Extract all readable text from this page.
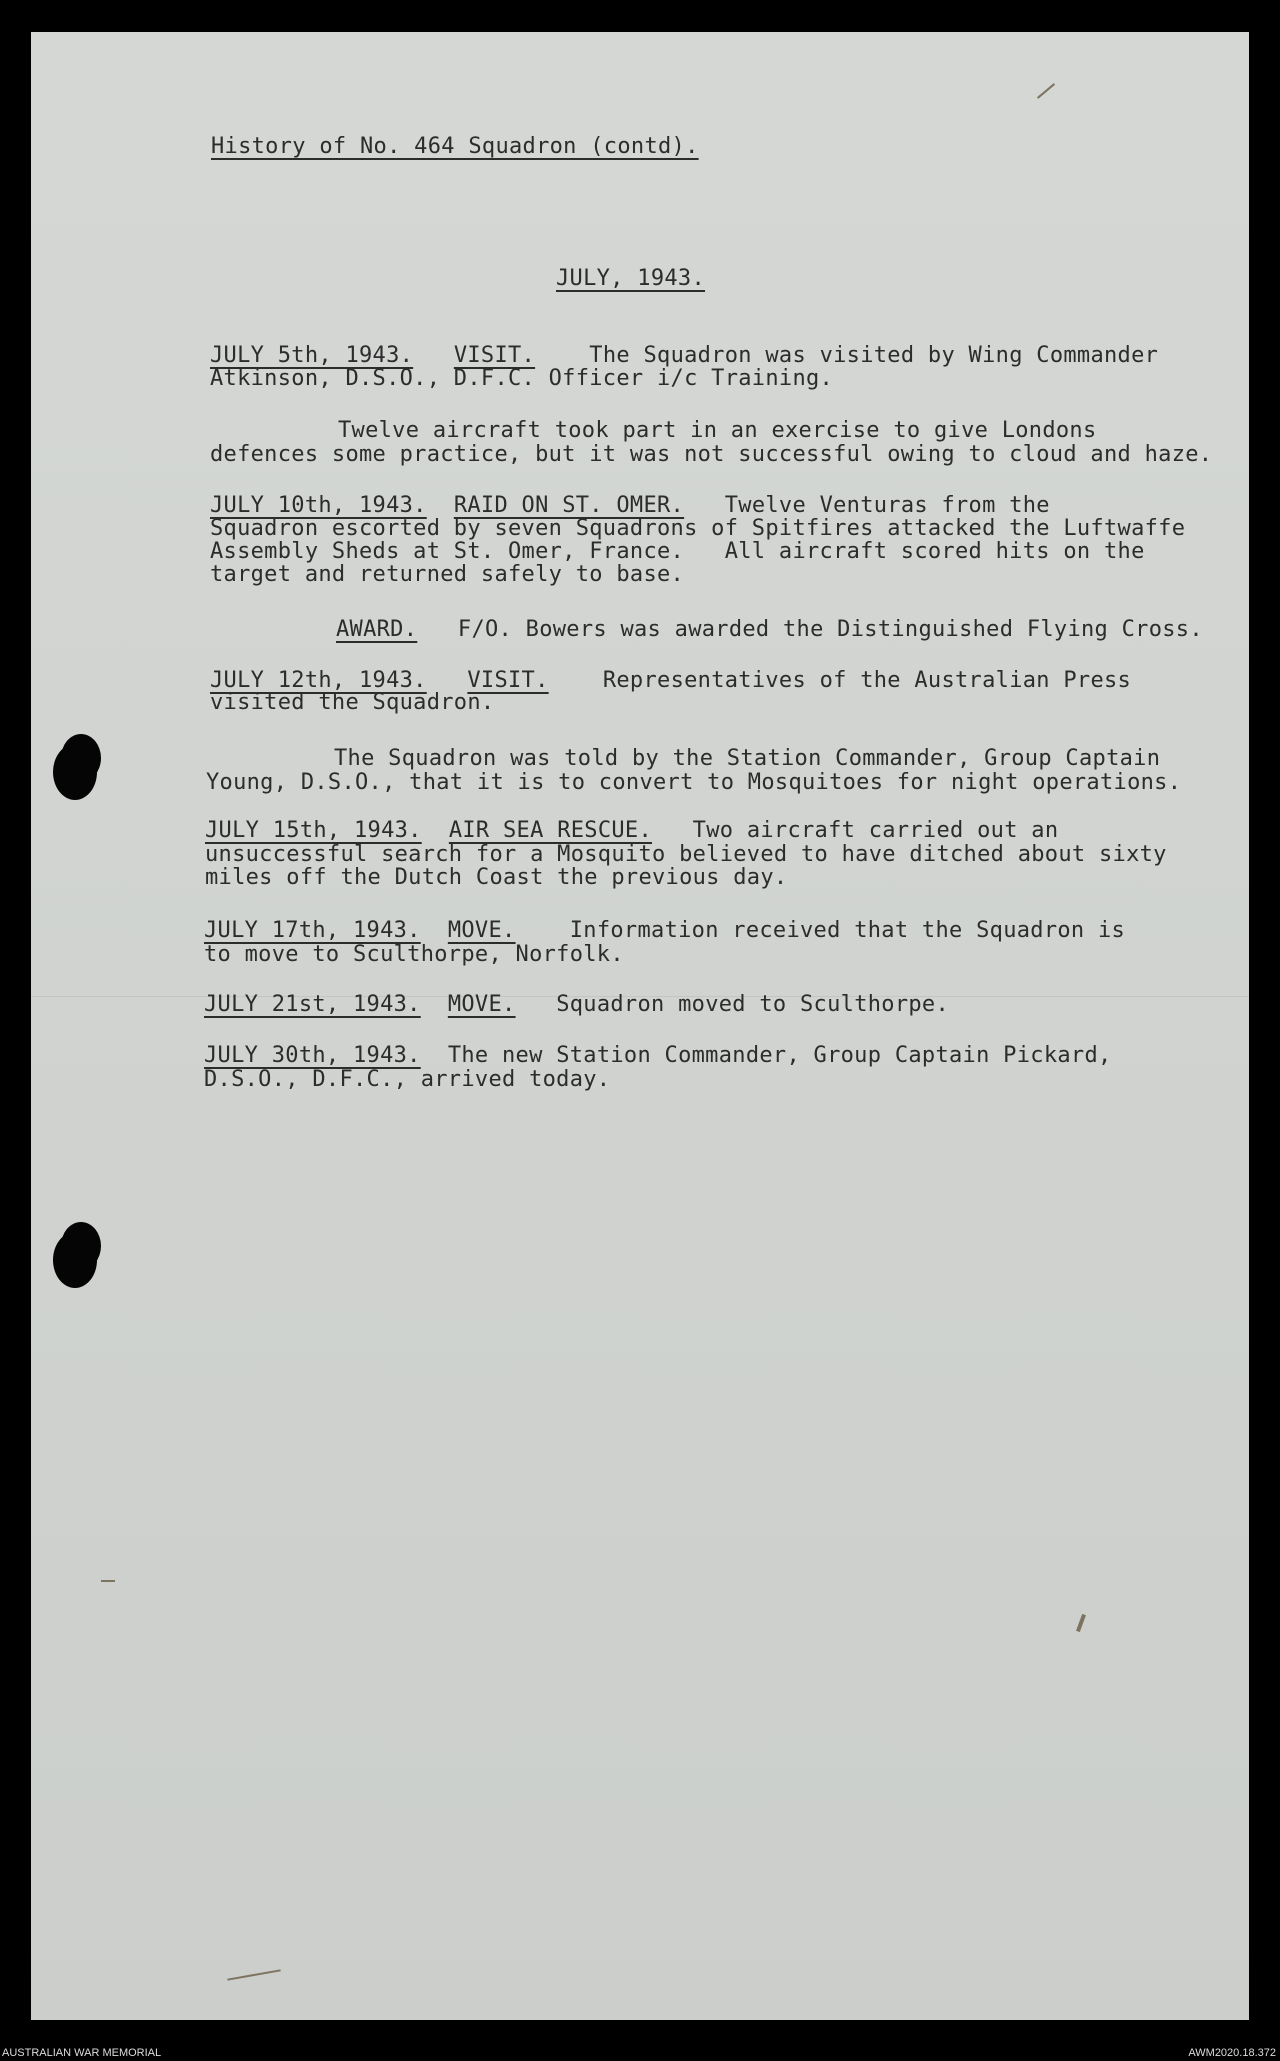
History of No. 464 Squadron (contd).
JULY, 1943.
JULY 5th, 1943. VISIT. The Squadron was visited by Wing Commander
Atkinson, D.S.O., D.F.C. Officer i/c Training.
Twelve aircraft took part in an exercise to give Londons
defences some practice, but it was not successful owing to cloud and haze.
JULY 10th, 1943. RAID ON ST. OMER. Twelve Venturas from the
Squadron escorted by seven Squadrons of Spitfires attacked the Luftwaffe
Assembly Sheds at St. Omer, France.   All aircraft scored hits on the
target and returned safely to base.
AWARD. F/O. Bowers was awarded the Distinguished Flying Cross.
JULY 12th, 1943. VISIT. Representatives of the Australian Press
visited the Squadron.
The Squadron was told by the Station Commander, Group Captain
Young, D.S.O., that it is to convert to Mosquitoes for night operations.
JULY 15th, 1943. AIR SEA RESCUE. Two aircraft carried out an
unsuccessful search for a Mosquito believed to have ditched about sixty
miles off the Dutch Coast the previous day.
JULY 17th, 1943. MOVE. Information received that the Squadron is
to move to Sculthorpe, Norfolk.
JULY 21st, 1943. MOVE. Squadron moved to Sculthorpe.
JULY 30th, 1943. The new Station Commander, Group Captain Pickard,
D.S.O., D.F.C., arrived today.
AUSTRALIAN WAR MEMORIAL	AWM2020.18.372
